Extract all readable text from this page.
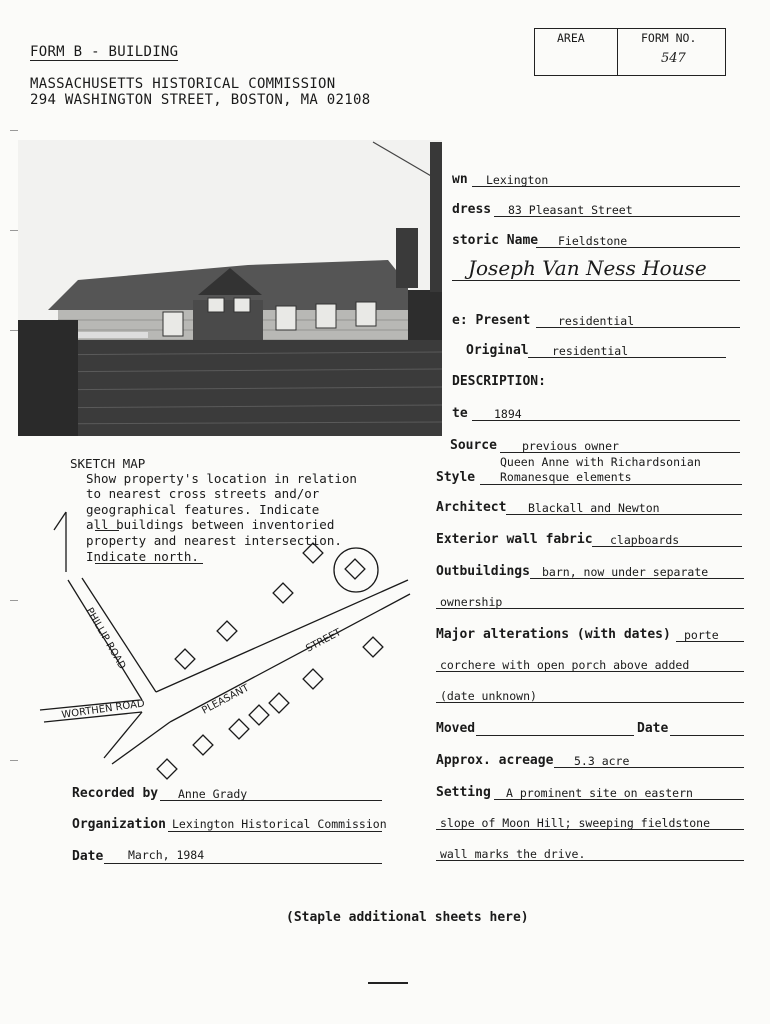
FORM B - BUILDING
MASSACHUSETTS HISTORICAL COMMISSION
294 WASHINGTON STREET, BOSTON, MA 02108
AREA	FORM NO.
547
wn Lexington
dress 83 Pleasant Street
storic Name Fieldstone
Joseph Van Ness House
e: Present residential
Original residential
DESCRIPTION:
te 1894
Source previous owner
Queen Anne with Richardsonian
Style Romanesque elements
Architect Blackall and Newton
Exterior wall fabric clapboards
Outbuildings barn, now under separate
ownership
Major alterations (with dates) porte
corchere with open porch above added
(date unknown)
Moved	Date
Approx. acreage 5.3 acre
Setting A prominent site on eastern
slope of Moon Hill; sweeping fieldstone
wall marks the drive.
SKETCH MAP
Show property's location in relation
to nearest cross streets and/or
geographical features. Indicate
all buildings between inventoried
property and nearest intersection.
Indicate north.
PHILLIP ROAD
WORTHEN ROAD	PLEASANT
STREET
Recorded by Anne Grady
Organization Lexington Historical Commission
Date March, 1984
(Staple additional sheets here)
